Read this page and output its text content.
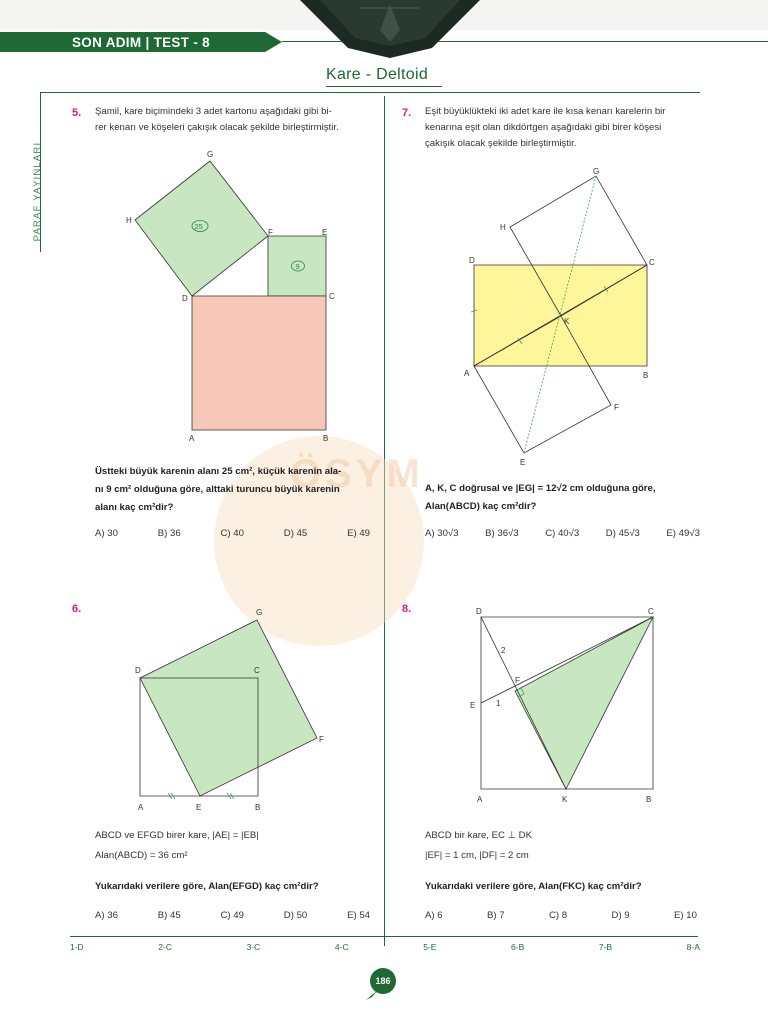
SON ADIM | TEST - 8
Kare - Deltoid
PARAF YAYINLARI
ÖSYM
5. Şamil, kare biçimindeki 3 adet kartonu aşağıdaki gibi bi-
rer kenarı ve köşeleri çakışık olacak şekilde birleştirmiştir.
G
H
F	E
D	C
A	B
25
9
Üstteki büyük karenin alanı 25 cm², küçük karenin ala-
nı 9 cm² olduğuna göre, alttaki turuncu büyük karenin
alanı kaç cm²dir?
A) 30	B) 36	C) 40	D) 45	E) 49
7. Eşit büyüklükteki iki adet kare ile kısa kenarı karelerin bir
kenarına eşit olan dikdörtgen aşağıdaki gibi birer köşesi
çakışık olacak şekilde birleştirmiştir.
G
H
D	C
K
A	B
F
E
A, K, C doğrusal ve |EG| = 12√2 cm olduğuna göre,
Alan(ABCD) kaç cm²dir?
A) 30√3	B) 36√3	C) 40√3	D) 45√3	E) 49√3
6.	G
D	C
F
A	E	B
ABCD ve EFGD birer kare, |AE| = |EB|
Alan(ABCD) = 36 cm²
Yukarıdaki verilere göre, Alan(EFGD) kaç cm²dir?
A) 36	B) 45	C) 49	D) 50	E) 54
8.	D	C
2
F
E	1
A	K	B
ABCD bir kare, EC ⊥ DK
|EF| = 1 cm, |DF| = 2 cm
Yukarıdaki verilere göre, Alan(FKC) kaç cm²dir?
A) 6	B) 7	C) 8	D) 9	E) 10
1-D	2-C	3-C	4-C	5-E	6-B	7-B	8-A
186
